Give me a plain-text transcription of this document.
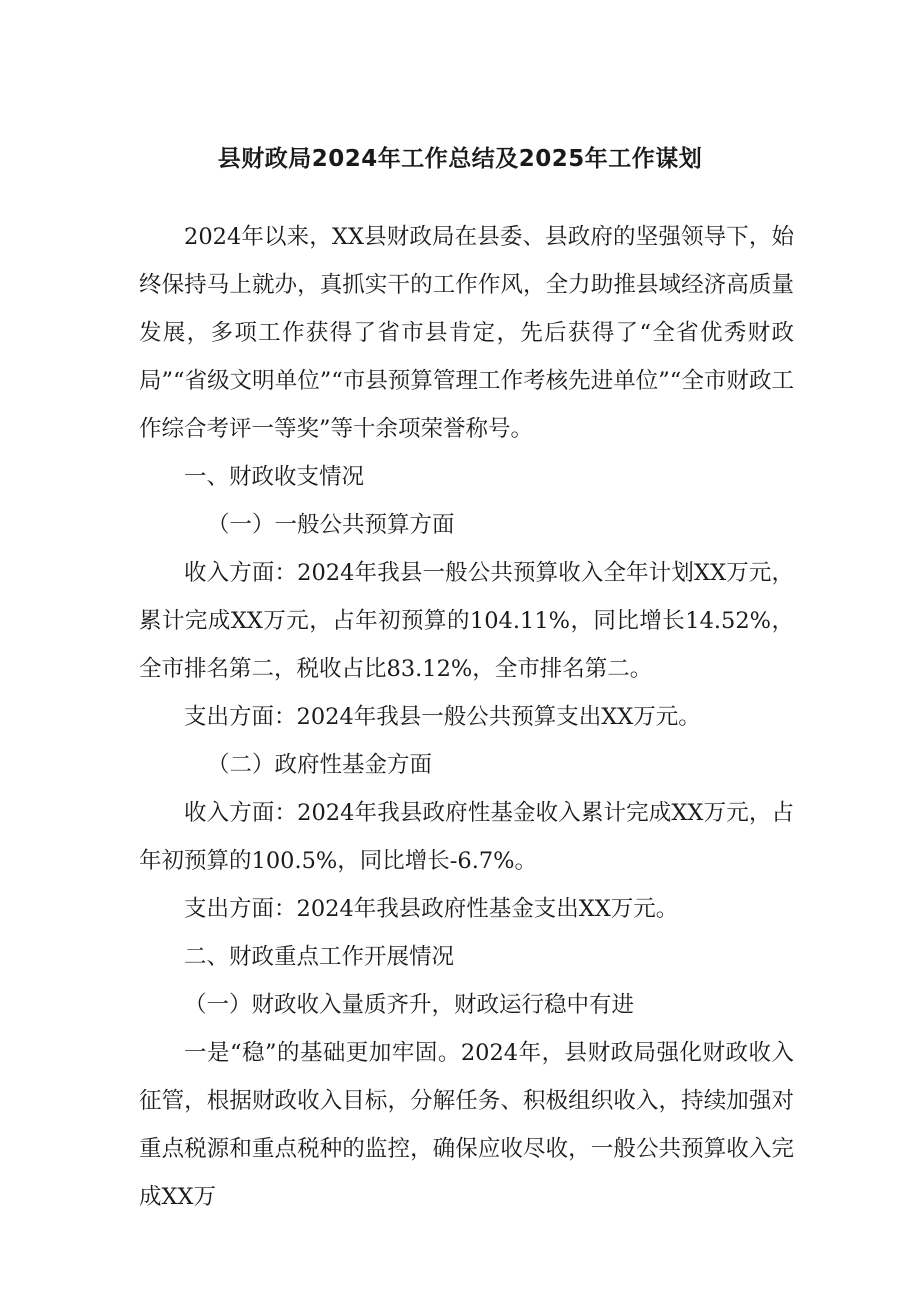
县财政局2024年工作总结及2025年工作谋划

2024年以来，XX县财政局在县委、县政府的坚强领导下，始终保持马上就办，真抓实干的工作作风，全力助推县域经济高质量发展，多项工作获得了省市县肯定，先后获得了“全省优秀财政局”“省级文明单位”“市县预算管理工作考核先进单位”“全市财政工作综合考评一等奖”等十余项荣誉称号。

一、财政收支情况

（一）一般公共预算方面

收入方面：2024年我县一般公共预算收入全年计划XX万元，累计完成XX万元，占年初预算的104.11%，同比增长14.52%，全市排名第二，税收占比83.12%，全市排名第二。

支出方面：2024年我县一般公共预算支出XX万元。

（二）政府性基金方面

收入方面：2024年我县政府性基金收入累计完成XX万元，占年初预算的100.5%，同比增长-6.7%。

支出方面：2024年我县政府性基金支出XX万元。

二、财政重点工作开展情况

（一）财政收入量质齐升，财政运行稳中有进

一是“稳”的基础更加牢固。2024年，县财政局强化财政收入征管，根据财政收入目标，分解任务、积极组织收入，持续加强对重点税源和重点税种的监控，确保应收尽收，一般公共预算收入完成XX万
